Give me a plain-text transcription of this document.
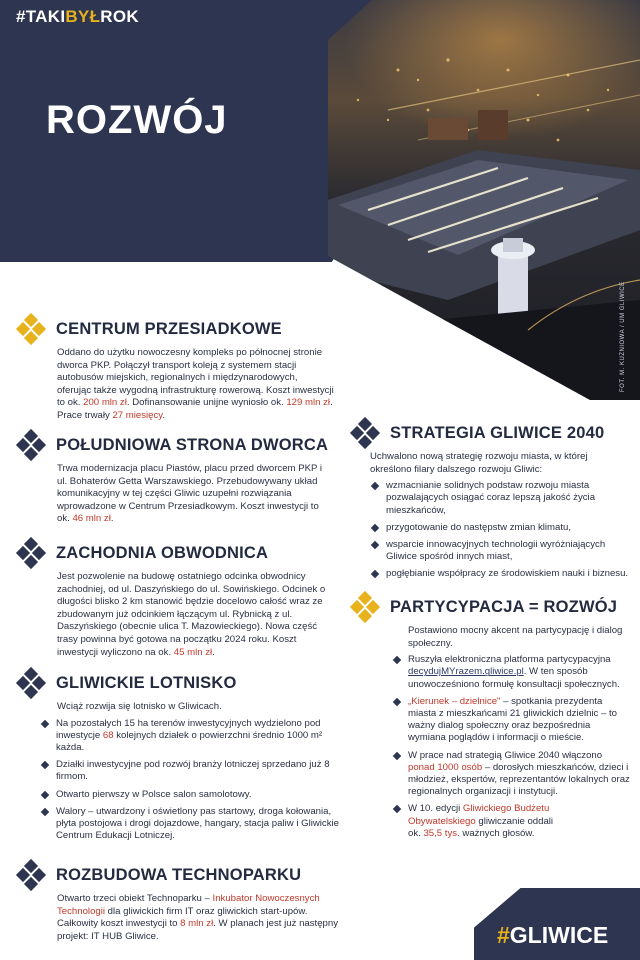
#TAKIBYŁROK
ROZWÓJ
FOT. M. KUZNIOWA / UM GLIWICE
CENTRUM PRZESIADKOWE
Oddano do użytku nowoczesny kompleks po północnej stronie dworca PKP. Połączył transport koleją z systemem stacji autobusów miejskich, regionalnych i międzynarodowych, oferując także wygodną infrastrukturę rowerową. Koszt inwestycji to ok. 200 mln zł. Dofinansowanie unijne wyniosło ok. 129 mln zł. Prace trwały 27 miesięcy.
POŁUDNIOWA STRONA DWORCA
Trwa modernizacja placu Piastów, placu przed dworcem PKP i ul. Bohaterów Getta Warszawskiego. Przebudowywany układ komunikacyjny w tej części Gliwic uzupełni rozwiązania wprowadzone w Centrum Przesiadkowym. Koszt inwestycji to ok. 46 mln zł.
ZACHODNIA OBWODNICA
Jest pozwolenie na budowę ostatniego odcinka obwodnicy zachodniej, od ul. Daszyńskiego do ul. Sowińskiego. Odcinek o długości blisko 2 km stanowić będzie docelowo całość wraz ze zbudowanym już odcinkiem łączącym ul. Rybnicką z ul. Daszyńskiego (obecnie ulica T. Mazowieckiego). Nowa część trasy powinna być gotowa na początku 2024 roku. Koszt inwestycji wyliczono na ok. 45 mln zł.
GLIWICKIE LOTNISKO
Wciąż rozwija się lotnisko w Gliwicach.
Na pozostałych 15 ha terenów inwestycyjnych wydzielono pod inwestycje 68 kolejnych działek o powierzchni średnio 1000 m² każda.
Działki inwestycyjne pod rozwój branży lotniczej sprzedano już 8 firmom.
Otwarto pierwszy w Polsce salon samolotowy.
Walory – utwardzony i oświetlony pas startowy, droga kołowania, płyta postojowa i drogi dojazdowe, hangary, stacja paliw i Gliwickie Centrum Edukacji Lotniczej.
ROZBUDOWA TECHNOPARKU
Otwarto trzeci obiekt Technoparku – Inkubator Nowoczesnych Technologii dla gliwickich firm IT oraz gliwickich start-upów. Całkowity koszt inwestycji to 8 mln zł. W planach jest już następny projekt: IT HUB Gliwice.
STRATEGIA GLIWICE 2040
Uchwalono nową strategię rozwoju miasta, w której określono filary dalszego rozwoju Gliwic:
wzmacnianie solidnych podstaw rozwoju miasta pozwalających osiągać coraz lepszą jakość życia mieszkańców,
przygotowanie do następstw zmian klimatu,
wsparcie innowacyjnych technologii wyróżniających Gliwice spośród innych miast,
pogłębianie współpracy ze środowiskiem nauki i biznesu.
PARTYCYPACJA = ROZWÓJ
Postawiono mocny akcent na partycypację i dialog społeczny.
Ruszyła elektroniczna platforma partycypacyjna decydujMYrazem.gliwice.pl. W ten sposób unowocześniono formułę konsultacji społecznych.
„Kierunek – dzielnice" – spotkania prezydenta miasta z mieszkańcami 21 gliwickich dzielnic – to ważny dialog społeczny oraz bezpośrednia wymiana poglądów i informacji o mieście.
W prace nad strategią Gliwice 2040 włączono ponad 1000 osób – dorosłych mieszkańców, dzieci i młodzież, ekspertów, reprezentantów lokalnych oraz regionalnych organizacji i instytucji.
W 10. edycji Gliwickiego Budżetu Obywatelskiego gliwiczanie oddali ok. 35,5 tys. ważnych głosów.
#GLIWICE
